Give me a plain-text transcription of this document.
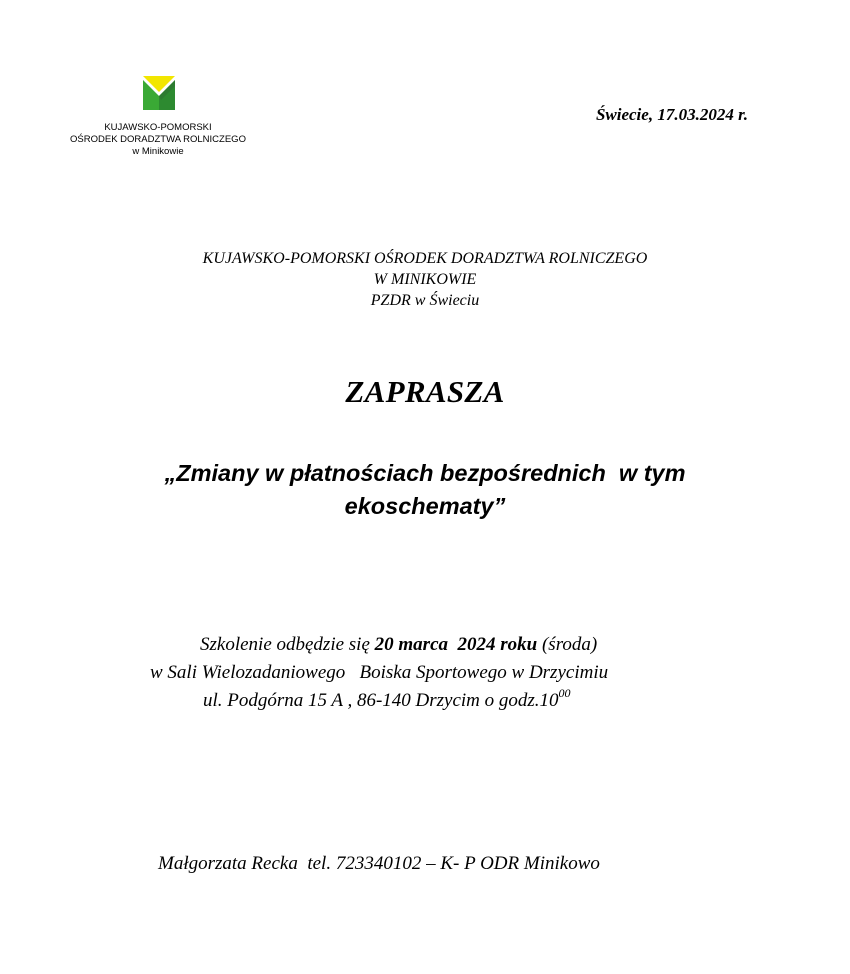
KUJAWSKO-POMORSKI
OŚRODEK DORADZTWA ROLNICZEGO
w Minikowie
Świecie, 17.03.2024 r.
KUJAWSKO-POMORSKI OŚRODEK DORADZTWA ROLNICZEGO
W MINIKOWIE
PZDR w Świeciu
ZAPRASZA
„Zmiany w płatnościach bezpośrednich  w tym
ekoschematy”
Szkolenie odbędzie się 20 marca  2024 roku (środa)
w Sali Wielozadaniowego   Boiska Sportowego w Drzycimiu
ul. Podgórna 15 A , 86-140 Drzycim o $godz.10^{00}$
Małgorzata Recka  tel. 723340102 – K- P ODR Minikowo
